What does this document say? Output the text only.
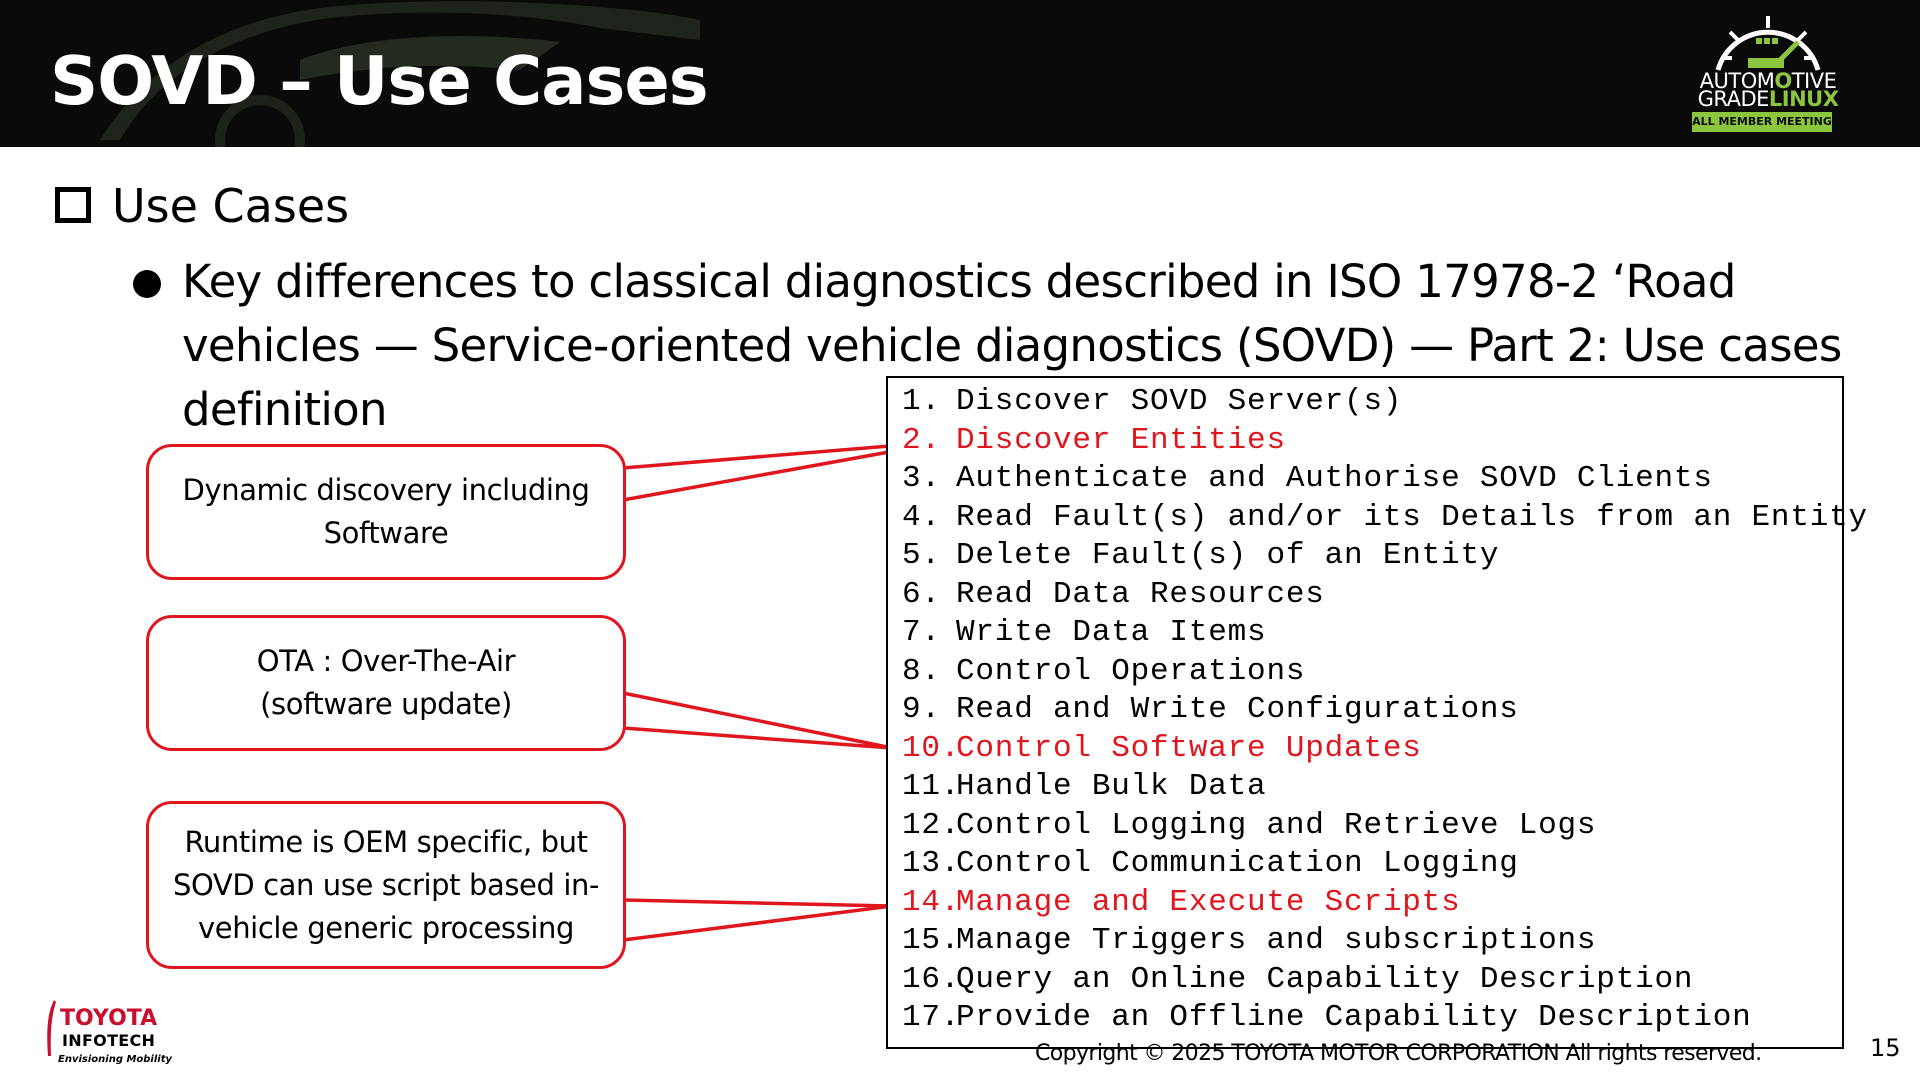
SOVD – Use Cases	AUTOMOTIVE
GRADELINUX
ALL MEMBER MEETING
Use Cases
Key differences to classical diagnostics described in ISO 17978-2 ‘Road
vehicles — Service-oriented vehicle diagnostics (SOVD) — Part 2: Use cases
definition
Dynamic discovery including
Software
OTA : Over-The-Air
(software update)
Runtime is OEM specific, but
SOVD can use script based in-
vehicle generic processing

1. Discover SOVD Server(s)

2. Discover Entities

3. Authenticate and Authorise SOVD Clients

4. Read Fault(s) and/or its Details from an Entity

5. Delete Fault(s) of an Entity

6. Read Data Resources

7. Write Data Items

8. Control Operations

9. Read and Write Configurations

10.Control Software Updates

11.Handle Bulk Data

12.Control Logging and Retrieve Logs

13.Control Communication Logging

14.Manage and Execute Scripts

15.Manage Triggers and subscriptions

16.Query an Online Capability Description

17.Provide an Offline Capability Description

TOYOTA
INFOTECH
Envisioning Mobility	Copyright © 2025 TOYOTA MOTOR CORPORATION All rights reserved.	15
